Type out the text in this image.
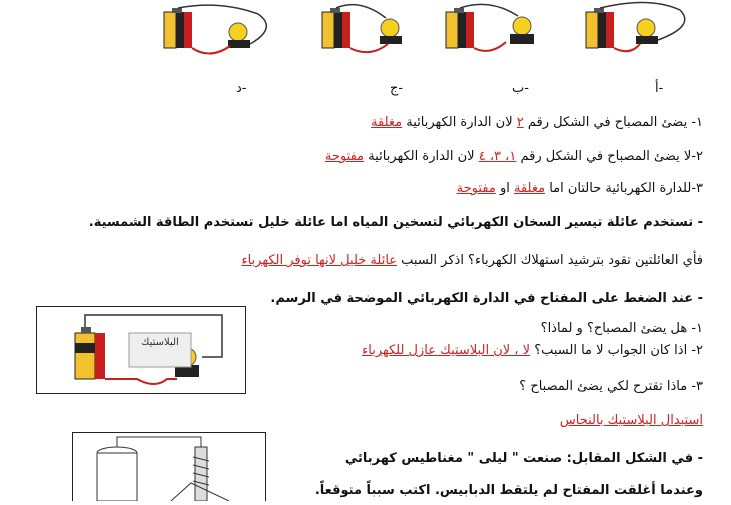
أ-
ب-
ج-
د-
١- يضئ المصباح في الشكل رقم ٢ لان الدارة الكهربائية مغلقة
٢-لا يضئ المصباح في الشكل رقم ١، ٣، ٤ لان الدارة الكهربائية مفتوحة
٣-للدارة الكهربائية حالتان اما مغلقة او مفتوحة
- تستخدم عائلة تيسير السخان الكهربائي لتسخين المياه اما عائلة خليل تستخدم الطاقة الشمسية.
فأي العائلتين تقود بترشيد استهلاك الكهرباء؟ اذكر السبب عائلة خليل لانها توفر الكهرباء
- عند الضغط على المفتاح في الدارة الكهربائي الموضحة في الرسم.
البلاستيك
١- هل يضئ المصباح؟ و لماذا؟
٢- اذا كان الجواب لا ما السبب؟ لا ، لان البلاستيك عازل للكهرباء
٣- ماذا تقترح لكي يضئ المصباح ؟
استبدال البلاستيك بالنحاس
- في الشكل المقابل: صنعت " ليلى " مغناطيس كهربائي
وعندما أغلقت المفتاح لم يلتقط الدبابيس. اكتب سبباً متوقعاً.
